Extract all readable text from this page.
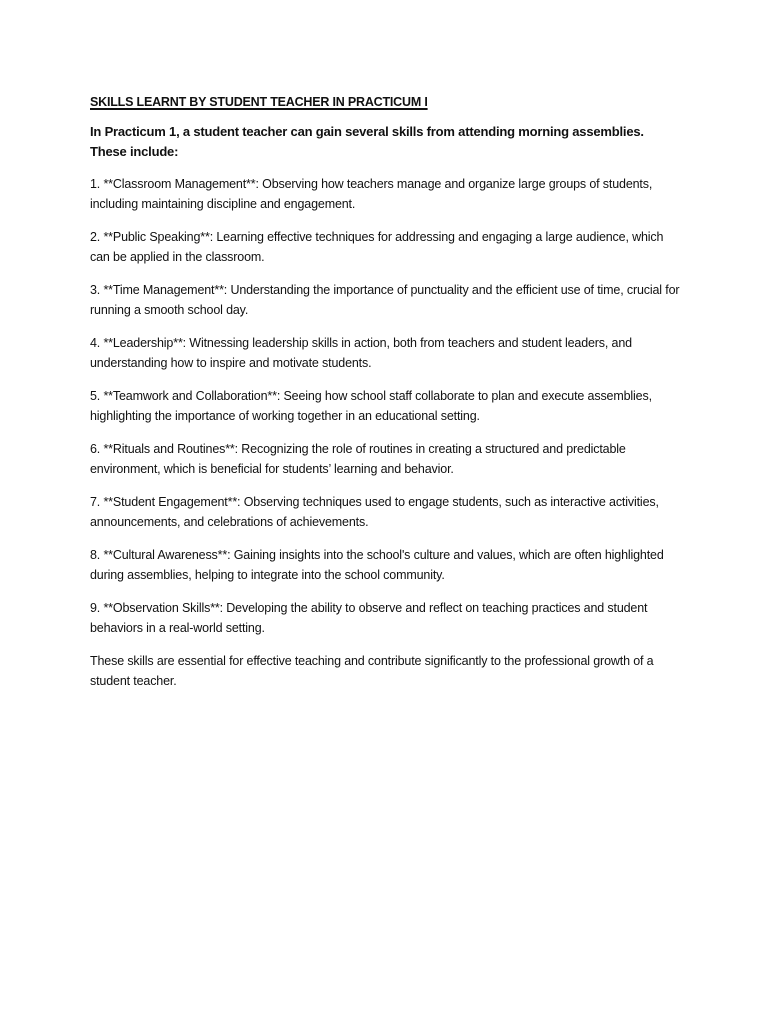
SKILLS LEARNT BY STUDENT TEACHER IN PRACTICUM I
In Practicum 1, a student teacher can gain several skills from attending morning assemblies. These include:
1. **Classroom Management**: Observing how teachers manage and organize large groups of students, including maintaining discipline and engagement.
2. **Public Speaking**: Learning effective techniques for addressing and engaging a large audience, which can be applied in the classroom.
3. **Time Management**: Understanding the importance of punctuality and the efficient use of time, crucial for running a smooth school day.
4. **Leadership**: Witnessing leadership skills in action, both from teachers and student leaders, and understanding how to inspire and motivate students.
5. **Teamwork and Collaboration**: Seeing how school staff collaborate to plan and execute assemblies, highlighting the importance of working together in an educational setting.
6. **Rituals and Routines**: Recognizing the role of routines in creating a structured and predictable environment, which is beneficial for students’ learning and behavior.
7. **Student Engagement**: Observing techniques used to engage students, such as interactive activities, announcements, and celebrations of achievements.
8. **Cultural Awareness**: Gaining insights into the school's culture and values, which are often highlighted during assemblies, helping to integrate into the school community.
9. **Observation Skills**: Developing the ability to observe and reflect on teaching practices and student behaviors in a real-world setting.
These skills are essential for effective teaching and contribute significantly to the professional growth of a student teacher.
